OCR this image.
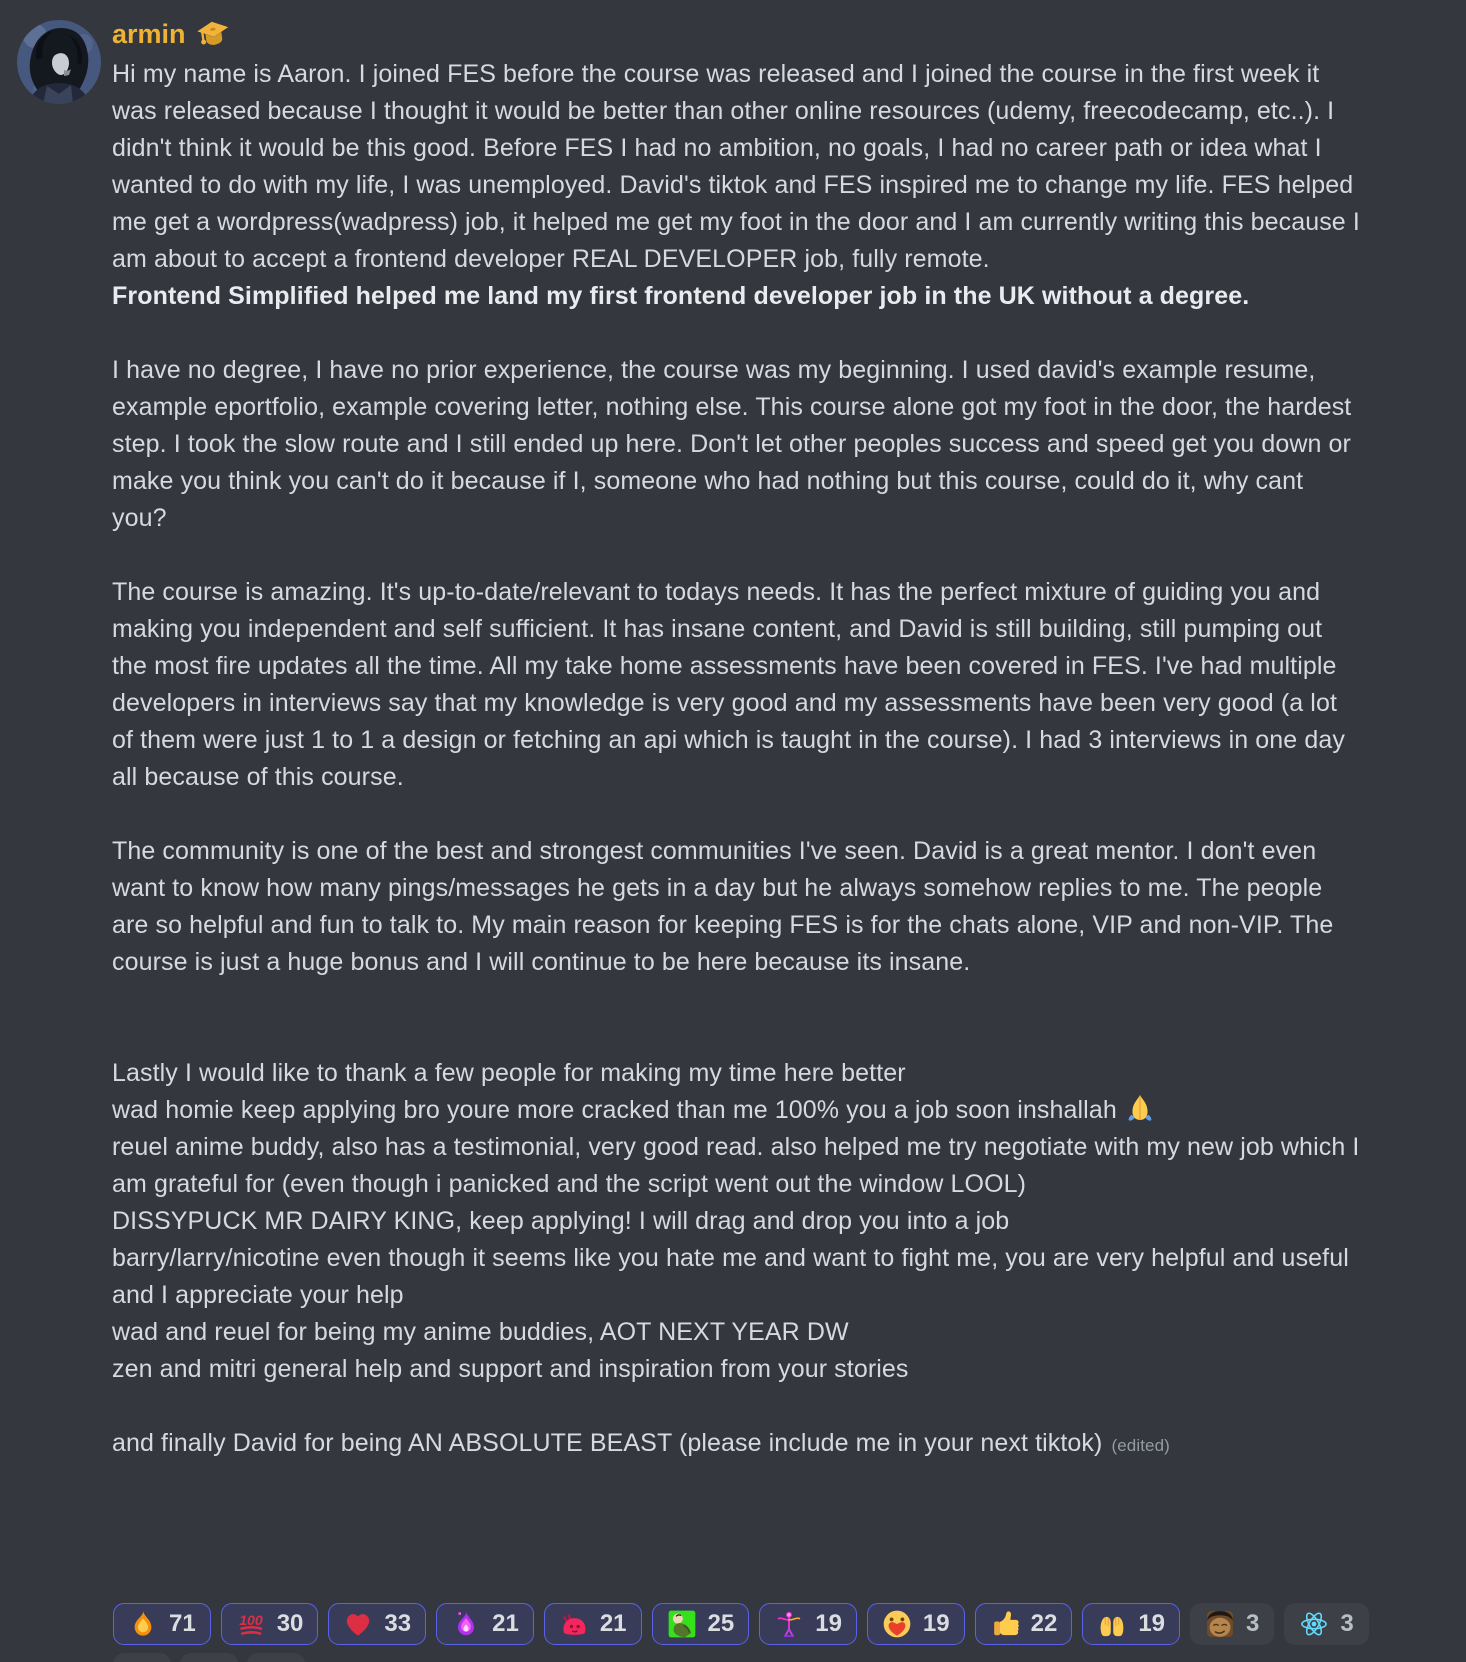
armin
Hi my name is Aaron. I joined FES before the course was released and I joined the course in the first week it was released because I thought it would be better than other online resources (udemy, freecodecamp, etc..). I didn't think it would be this good. Before FES I had no ambition, no goals, I had no career path or idea what I wanted to do with my life, I was unemployed. David's tiktok and FES inspired me to change my life. FES helped me get a wordpress(wadpress) job, it helped me get my foot in the door and I am currently writing this because I am about to accept a frontend developer REAL DEVELOPER job, fully remote.
Frontend Simplified helped me land my first frontend developer job in the UK without a degree.
I have no degree, I have no prior experience, the course was my beginning. I used david's example resume, example eportfolio, example covering letter, nothing else. This course alone got my foot in the door, the hardest step. I took the slow route and I still ended up here. Don't let other peoples success and speed get you down or make you think you can't do it because if I, someone who had nothing but this course, could do it, why cant you?
The course is amazing. It's up-to-date/relevant to todays needs. It has the perfect mixture of guiding you and making you independent and self sufficient. It has insane content, and David is still building, still pumping out the most fire updates all the time. All my take home assessments have been covered in FES. I've had multiple developers in interviews say that my knowledge is very good and my assessments have been very good (a lot of them were just 1 to 1 a design or fetching an api which is taught in the course). I had 3 interviews in one day all because of this course.
The community is one of the best and strongest communities I've seen. David is a great mentor. I don't even want to know how many pings/messages he gets in a day but he always somehow replies to me. The people are so helpful and fun to talk to. My main reason for keeping FES is for the chats alone, VIP and non-VIP. The course is just a huge bonus and I will continue to be here because its insane.
Lastly I would like to thank a few people for making my time here better
wad homie keep applying bro youre more cracked than me 100% you a job soon inshallah
reuel anime buddy, also has a testimonial, very good read. also helped me try negotiate with my new job which I am grateful for (even though i panicked and the script went out the window LOOL)
DISSYPUCK MR DAIRY KING, keep applying! I will drag and drop you into a job
barry/larry/nicotine even though it seems like you hate me and want to fight me, you are very helpful and useful and I appreciate your help
wad and reuel for being my anime buddies, AOT NEXT YEAR DW
zen and mitri general help and support and inspiration from your stories
and finally David for being AN ABSOLUTE BEAST (please include me in your next tiktok) (edited)
71	100 30	33	21	21	25	19	19	22	19	3	3
